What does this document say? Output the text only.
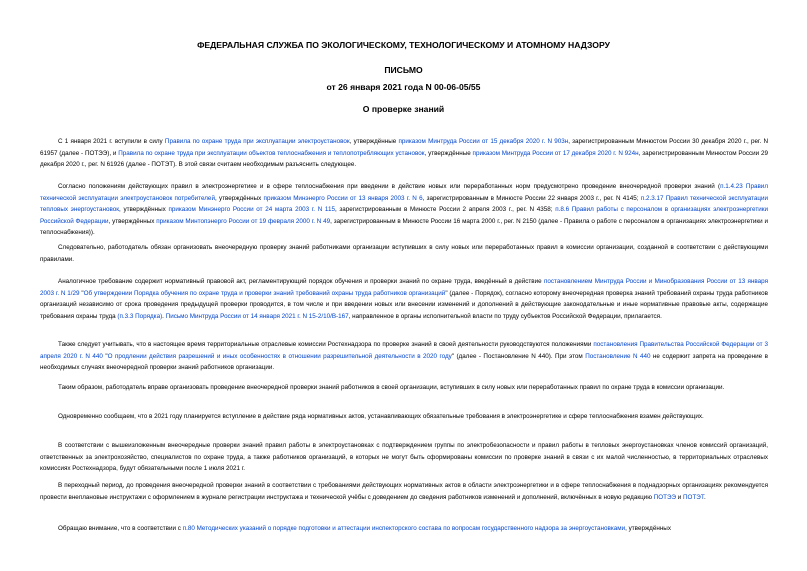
ФЕДЕРАЛЬНАЯ СЛУЖБА ПО ЭКОЛОГИЧЕСКОМУ, ТЕХНОЛОГИЧЕСКОМУ И АТОМНОМУ НАДЗОРУ
ПИСЬМО
от 26 января 2021 года N 00-06-05/55
О проверке знаний

С 1 января 2021 г. вступили в силу Правила по охране труда при эксплуатации электроустановок, утверждённые приказом Минтруда России от 15 декабря 2020 г. N 903н, зарегистрированным Минюстом России 30 декабря 2020 г., рег. N 61957 (далее - ПОТЭЭ), и Правила по охране труда при эксплуатации объектов теплоснабжения и теплопотребляющих установок, утверждённые приказом Минтруда России от 17 декабря 2020 г. N 924н, зарегистрированным Минюстом России 29 декабря 2020 г., рег. N 61926 (далее - ПОТЭТ). В этой связи считаем необходимым разъяснить следующее.

Согласно положениям действующих правил в электроэнергетике и в сфере теплоснабжения при введении в действие новых или переработанных норм предусмотрено проведение внеочередной проверки знаний (п.1.4.23 Правил технической эксплуатации электроустановок потребителей, утверждённых приказом Минэнерго России от 13 января 2003 г. N 6, зарегистрированным в Минюсте России 22 января 2003 г., рег. N 4145; п.2.3.17 Правил технической эксплуатации тепловых энергоустановок, утверждённых приказом Минэнерго России от 24 марта 2003 г. N 115, зарегистрированным в Минюсте России 2 апреля 2003 г., рег. N 4358; п.8.6 Правил работы с персоналом в организациях электроэнергетики Российской Федерации, утверждённых приказом Минтопэнерго России от 19 февраля 2000 г. N 49, зарегистрированным в Минюсте России 16 марта 2000 г., рег. N 2150 (далее - Правила о работе с персоналом в организациях электроэнергетики и теплоснабжения)).

Следовательно, работодатель обязан организовать внеочередную проверку знаний работниками организации вступивших в силу новых или переработанных правил в комиссии организации, созданной в соответствии с действующими правилами.

Аналогичное требование содержит нормативный правовой акт, регламентирующий порядок обучения и проверки знаний по охране труда, введённый в действие постановлением Минтруда России и Минобразования России от 13 января 2003 г. N 1/29 "Об утверждении Порядка обучения по охране труда и проверки знаний требований охраны труда работников организаций" (далее - Порядок), согласно которому внеочередная проверка знаний требований охраны труда работников организаций независимо от срока проведения предыдущей проверки проводится, в том числе и при введении новых или внесении изменений и дополнений в действующие законодательные и иные нормативные правовые акты, содержащие требования охраны труда (п.3.3 Порядка). Письмо Минтруда России от 14 января 2021 г. N 15-2/10/В-167, направленное в органы исполнительной власти по труду субъектов Российской Федерации, прилагается.

Также следует учитывать, что в настоящее время территориальные отраслевые комиссии Ростехнадзора по проверке знаний в своей деятельности руководствуются положениями постановления Правительства Российской Федерации от 3 апреля 2020 г. N 440 "О продлении действия разрешений и иных особенностях в отношении разрешительной деятельности в 2020 году" (далее - Постановление N 440). При этом Постановление N 440 не содержит запрета на проведение в необходимых случаях внеочередной проверки знаний работников организации.

Таким образом, работодатель вправе организовать проведение внеочередной проверки знаний работников в своей организации, вступивших в силу новых или переработанных правил по охране труда в комиссии организации.

Одновременно сообщаем, что в 2021 году планируется вступление в действие ряда нормативных актов, устанавливающих обязательные требования в электроэнергетике и сфере теплоснабжения взамен действующих.

В соответствии с вышеизложенным внеочередные проверки знаний правил работы в электроустановках с подтверждением группы по электробезопасности и правил работы в тепловых энергоустановках членов комиссий организаций, ответственных за электрохозяйство, специалистов по охране труда, а также работников организаций, в которых не могут быть сформированы комиссии по проверке знаний в связи с их малой численностью, в территориальных отраслевых комиссиях Ростехнадзора, будут обязательными после 1 июля 2021 г.

В переходный период, до проведения внеочередной проверки знаний в соответствии с требованиями действующих нормативных актов в области электроэнергетики и в сфере теплоснабжения в поднадзорных организациях рекомендуется провести внеплановые инструктажи с оформлением в журнале регистрации инструктажа и технической учёбы с доведением до сведения работников изменений и дополнений, включённых в новую редакцию ПОТЭЭ и ПОТЭТ.

Обращаю внимание, что в соответствии с п.80 Методических указаний о порядке подготовки и аттестации инспекторского состава по вопросам государственного надзора за энергоустановками, утверждённых
